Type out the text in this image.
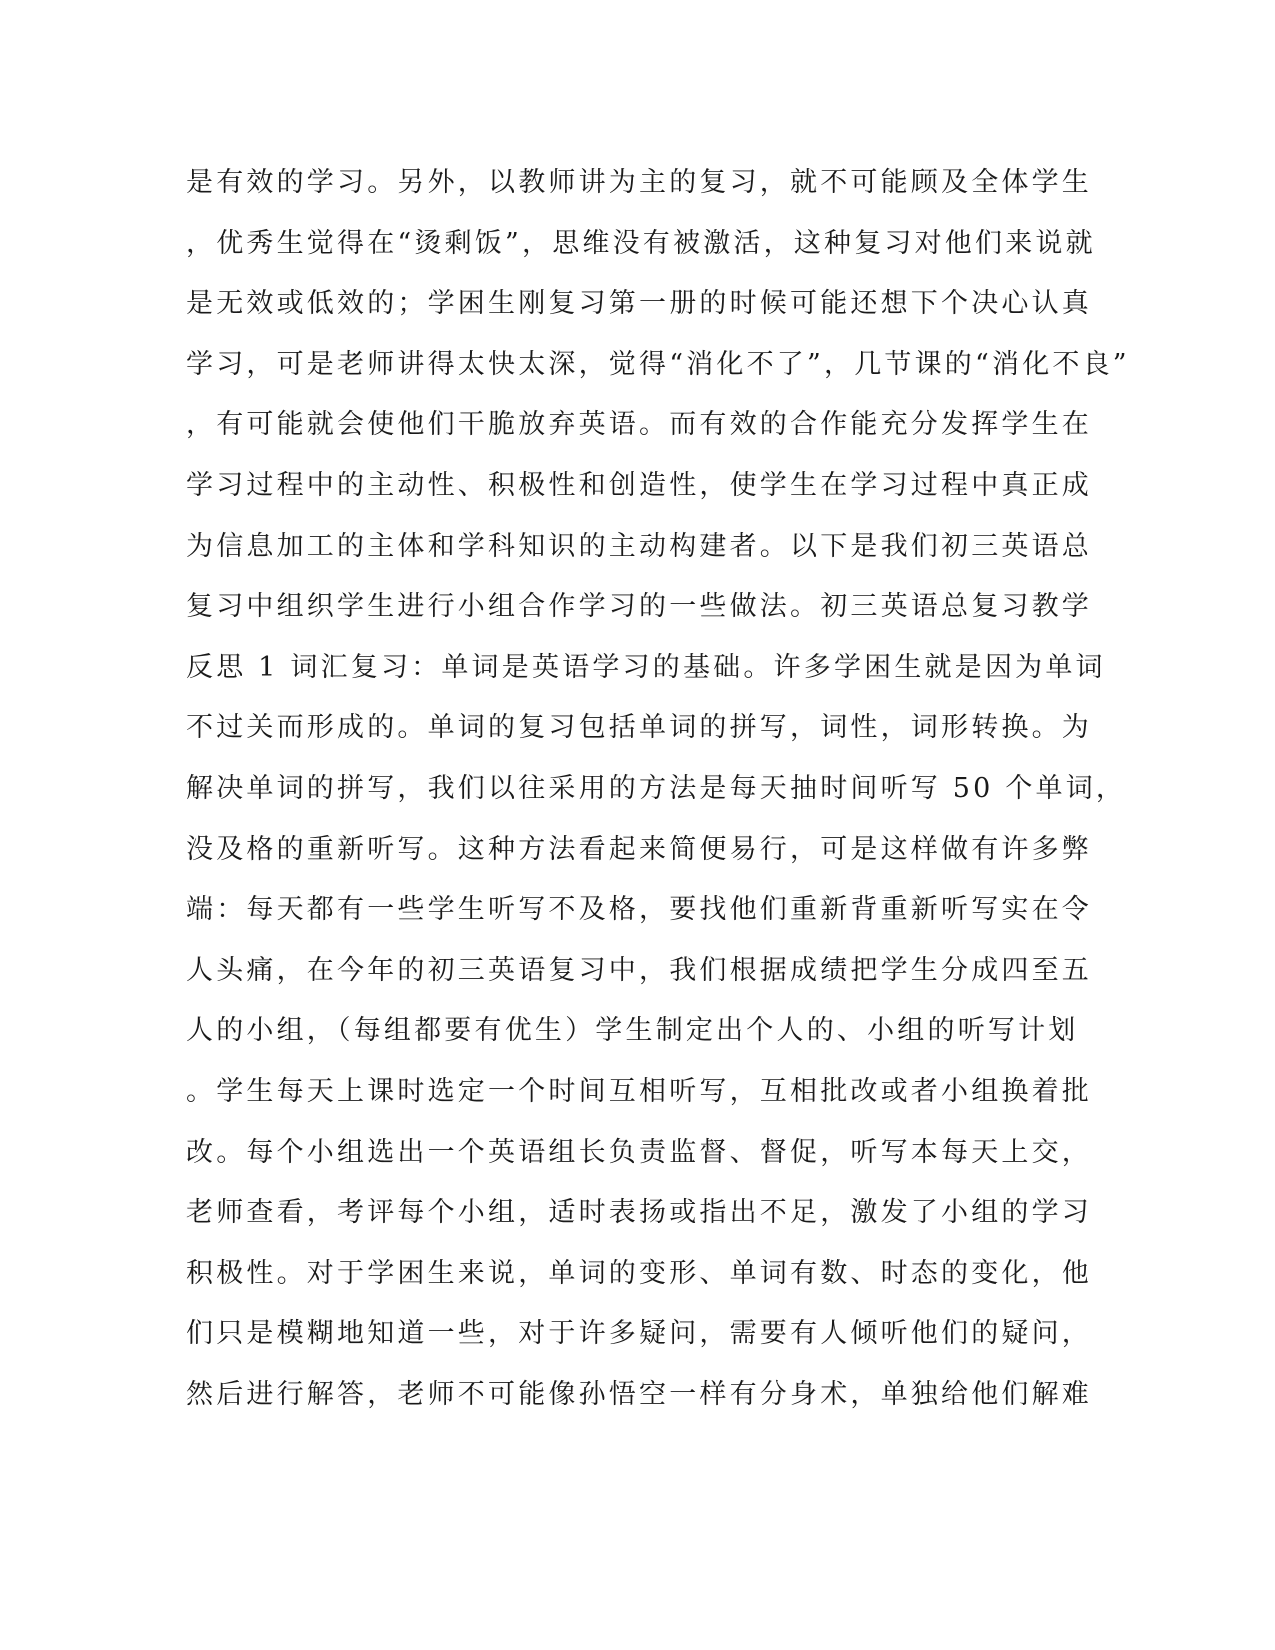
是有效的学习。另外，以教师讲为主的复习，就不可能顾及全体学生
，优秀生觉得在“烫剩饭”，思维没有被激活，这种复习对他们来说就
是无效或低效的；学困生刚复习第一册的时候可能还想下个决心认真
学习，可是老师讲得太快太深，觉得“消化不了”，几节课的“消化不良”
，有可能就会使他们干脆放弃英语。而有效的合作能充分发挥学生在
学习过程中的主动性、积极性和创造性，使学生在学习过程中真正成
为信息加工的主体和学科知识的主动构建者。以下是我们初三英语总
复习中组织学生进行小组合作学习的一些做法。初三英语总复习教学
反思 1 词汇复习：单词是英语学习的基础。许多学困生就是因为单词
不过关而形成的。单词的复习包括单词的拼写，词性，词形转换。为
解决单词的拼写，我们以往采用的方法是每天抽时间听写 50 个单词，
没及格的重新听写。这种方法看起来简便易行，可是这样做有许多弊
端：每天都有一些学生听写不及格，要找他们重新背重新听写实在令
人头痛，在今年的初三英语复习中，我们根据成绩把学生分成四至五
人的小组，（每组都要有优生）学生制定出个人的、小组的听写计划
。学生每天上课时选定一个时间互相听写，互相批改或者小组换着批
改。每个小组选出一个英语组长负责监督、督促，听写本每天上交，
老师查看，考评每个小组，适时表扬或指出不足，激发了小组的学习
积极性。对于学困生来说，单词的变形、单词有数、时态的变化，他
们只是模糊地知道一些，对于许多疑问，需要有人倾听他们的疑问，
然后进行解答，老师不可能像孙悟空一样有分身术，单独给他们解难
